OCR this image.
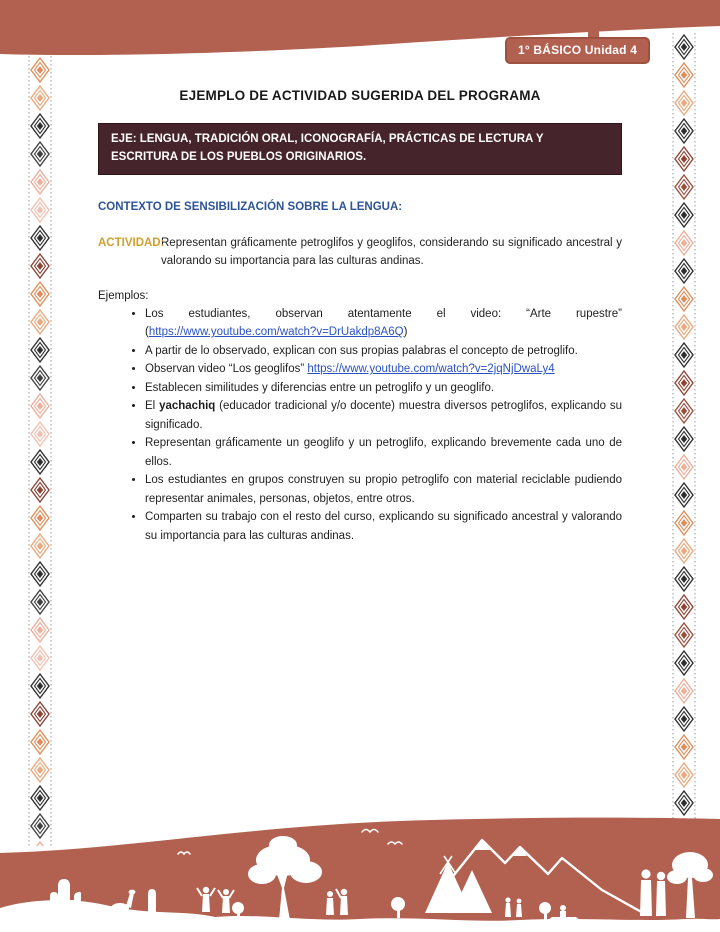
1° BÁSICO Unidad 4
EJEMPLO DE ACTIVIDAD SUGERIDA DEL PROGRAMA
EJE: LENGUA, TRADICIÓN ORAL, ICONOGRAFÍA, PRÁCTICAS DE LECTURA Y ESCRITURA DE LOS PUEBLOS ORIGINARIOS.
CONTEXTO DE SENSIBILIZACIÓN SOBRE LA LENGUA:
ACTIVIDAD:
Representan gráficamente petroglifos y geoglifos, considerando su significado ancestral y valorando su importancia para las culturas andinas.
Ejemplos:
• Los estudiantes, observan atentamente el video: “Arte rupestre” (https://www.youtube.com/watch?v=DrUakdp8A6Q)
• A partir de lo observado, explican con sus propias palabras el concepto de petroglifo.
• Observan video “Los geoglifos” https://www.youtube.com/watch?v=2jqNjDwaLy4
• Establecen similitudes y diferencias entre un petroglifo y un geoglifo.
• El yachachiq (educador tradicional y/o docente) muestra diversos petroglifos, explicando su significado.
• Representan gráficamente un geoglifo y un petroglifo, explicando brevemente cada uno de ellos.
• Los estudiantes en grupos construyen su propio petroglifo con material reciclable pudiendo representar animales, personas, objetos, entre otros.
• Comparten su trabajo con el resto del curso, explicando su significado ancestral y valorando su importancia para las culturas andinas.
